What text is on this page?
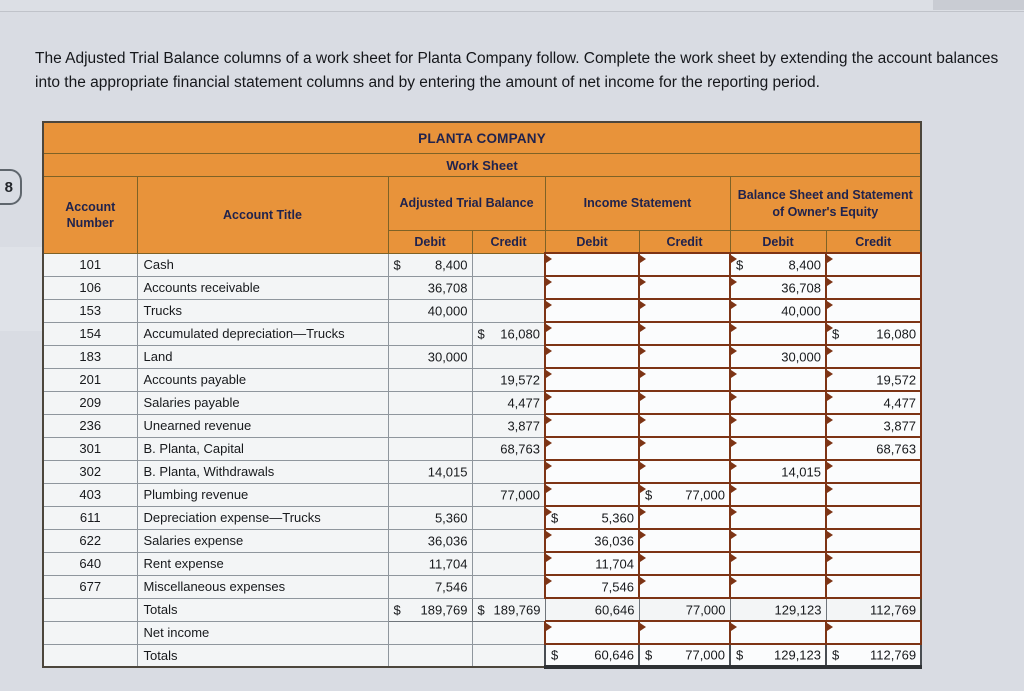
8

The Adjusted Trial Balance columns of a work sheet for Planta Company follow. Complete the work sheet by extending the account balances into the appropriate financial statement columns and by entering the amount of net income for the reporting period.

PLANTA COMPANY							
Work Sheet							
Account Number	Account Title	Adjusted Trial Balance		Income Statement		Balance Sheet and Statement of Owner's Equity	
		Debit	Credit	Debit	Credit	Debit	Credit
101	Cash	$ 8,400				$ 8,400	

106	Accounts receivable	36,708				36,708	

153	Trucks	40,000				40,000	

154	Accumulated depreciation—Trucks		$ 16,080				$ 16,080

183	Land	30,000				30,000	

201	Accounts payable		19,572				19,572

209	Salaries payable		4,477				4,477

236	Unearned revenue		3,877				3,877

301	B. Planta, Capital		68,763				68,763

302	B. Planta, Withdrawals	14,015				14,015	

403	Plumbing revenue		77,000		$ 77,000		

611	Depreciation expense—Trucks	5,360		$ 5,360			

622	Salaries expense	36,036		36,036			

640	Rent expense	11,704		11,704			

677	Miscellaneous expenses	7,546		7,546			

	Totals	$ 189,769	$ 189,769	60,646	77,000	129,123	112,769

	Net income	

	Totals			$ 60,646	$ 77,000	$ 129,123	$ 112,769
